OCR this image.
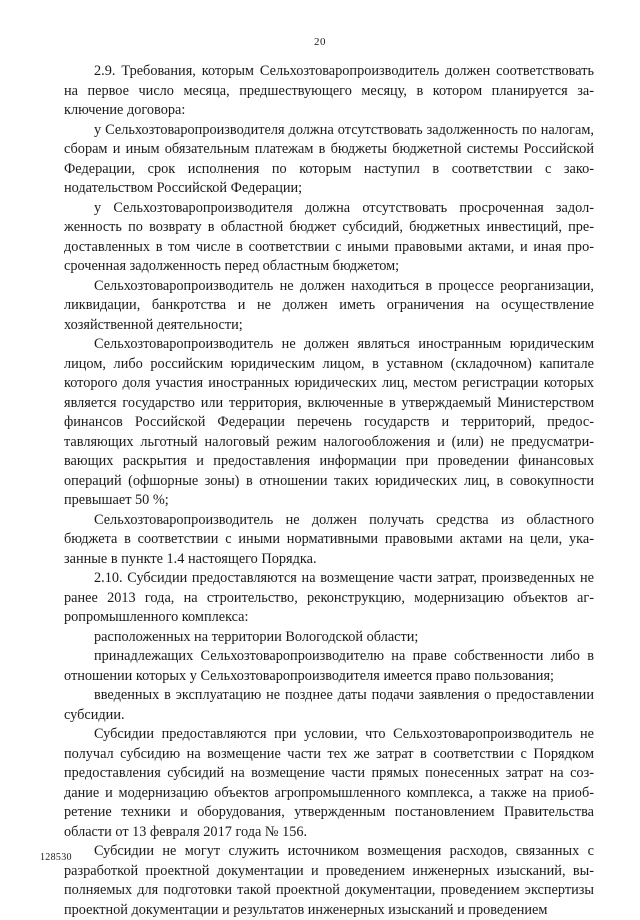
20

2.9. Требования, которым Сельхозтоваропроизводитель должен соответствовать на первое число месяца, предшествующего месяцу, в котором планируется заключение договора:

у Сельхозтоваропроизводителя должна отсутствовать задолженность по налогам, сборам и иным обязательным платежам в бюджеты бюджетной системы Российской Федерации, срок исполнения по которым наступил в соответствии с законодательством Российской Федерации;

у Сельхозтоваропроизводителя должна отсутствовать просроченная задолженность по возврату в областной бюджет субсидий, бюджетных инвестиций, предоставленных в том числе в соответствии с иными правовыми актами, и иная просроченная задолженность перед областным бюджетом;

Сельхозтоваропроизводитель не должен находиться в процессе реорганизации, ликвидации, банкротства и не должен иметь ограничения на осуществление хозяйственной деятельности;

Сельхозтоваропроизводитель не должен являться иностранным юридическим лицом, либо российским юридическим лицом, в уставном (складочном) капитале которого доля участия иностранных юридических лиц, местом регистрации которых является государство или территория, включенные в утверждаемый Министерством финансов Российской Федерации перечень государств и территорий, предоставляющих льготный налоговый режим налогообложения и (или) не предусматривающих раскрытия и предоставления информации при проведении финансовых операций (офшорные зоны) в отношении таких юридических лиц, в совокупности превышает 50 %;

Сельхозтоваропроизводитель не должен получать средства из областного бюджета в соответствии с иными нормативными правовыми актами на цели, указанные в пункте 1.4 настоящего Порядка.

2.10. Субсидии предоставляются на возмещение части затрат, произведенных не ранее 2013 года, на строительство, реконструкцию, модернизацию объектов агропромышленного комплекса:

расположенных на территории Вологодской области;

принадлежащих Сельхозтоваропроизводителю на праве собственности либо в отношении которых у Сельхозтоваропроизводителя имеется право пользования;

введенных в эксплуатацию не позднее даты подачи заявления о предоставлении субсидии.

Субсидии предоставляются при условии, что Сельхозтоваропроизводитель не получал субсидию на возмещение части тех же затрат в соответствии с Порядком предоставления субсидий на возмещение части прямых понесенных затрат на создание и модернизацию объектов агропромышленного комплекса, а также на приобретение техники и оборудования, утвержденным постановлением Правительства области от 13 февраля 2017 года № 156.

Субсидии не могут служить источником возмещения расходов, связанных с разработкой проектной документации и проведением инженерных изысканий, выполняемых для подготовки такой проектной документации, проведением экспертизы проектной документации и результатов инженерных изысканий и проведением

128530
